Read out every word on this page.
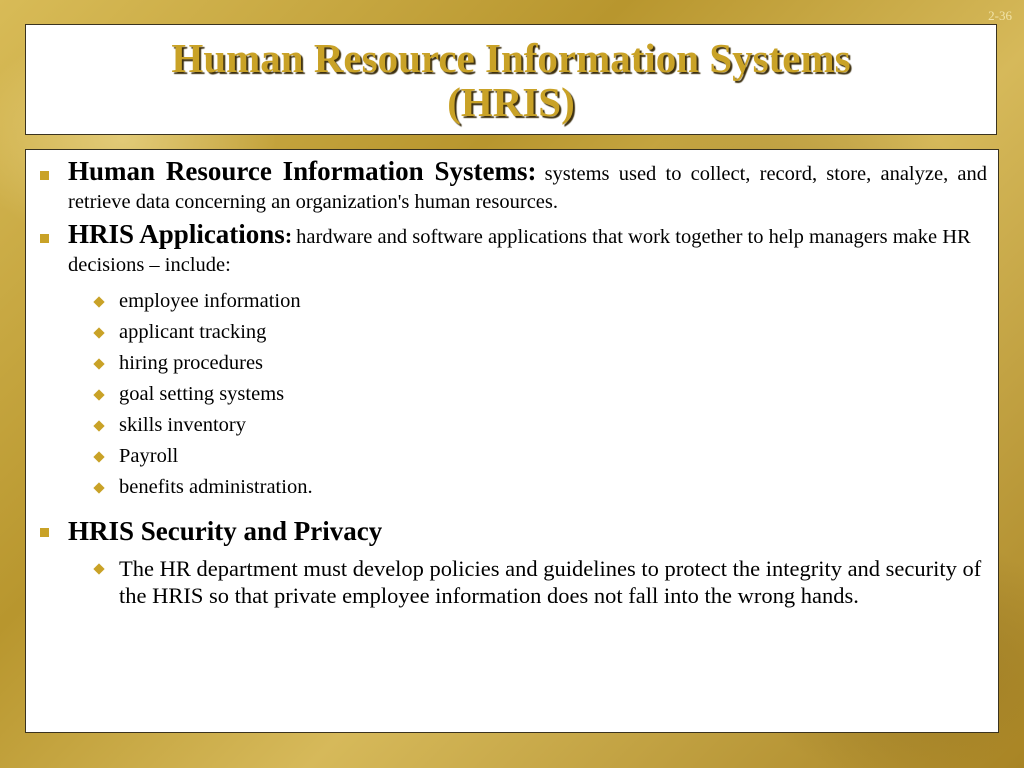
2-36
Human Resource Information Systems
(HRIS)
Human Resource Information Systems: systems used to collect, record, store, analyze, and retrieve data concerning an organization's human resources.
HRIS Applications: hardware and software applications that work together to help managers make HR decisions – include:
employee information
applicant tracking
hiring procedures
goal setting systems
skills inventory
Payroll
benefits administration.
HRIS Security and Privacy
The HR department must develop policies and guidelines to protect the integrity and security of the HRIS so that private employee information does not fall into the wrong hands.
